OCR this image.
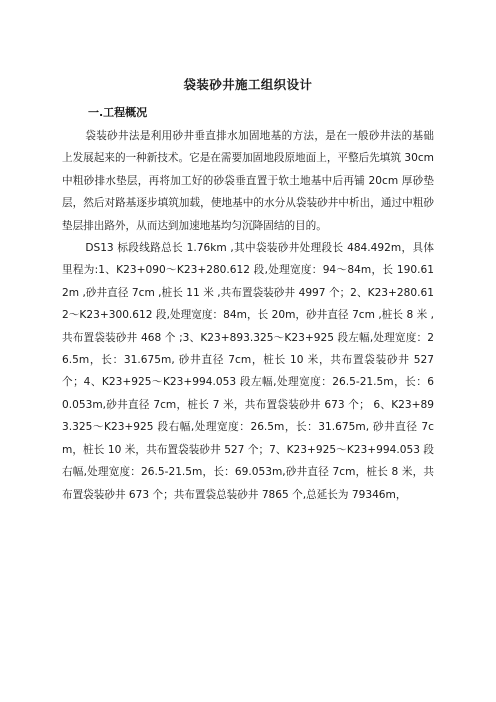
袋装砂井施工组织设计
一.工程概况

袋装砂井法是利用砂井垂直排水加固地基的方法，是在一般砂井法的基础上发展起来的一种新技术。它是在需要加固地段原地面上，平整后先填筑 30cm 中粗砂排水垫层，再将加工好的砂袋垂直置于软土地基中后再铺 20cm 厚砂垫层，然后对路基逐步填筑加载，使地基中的水分从袋装砂井中析出，通过中粗砂垫层排出路外，从而达到加速地基均匀沉降固结的目的。

DS13 标段线路总长 1.76km ,其中袋装砂井处理段长 484.492m，具体里程为:1、K23+090～K23+280.612 段,处理宽度：94～84m，长 190.612m ,砂井直径 7cm ,桩长 11 米 ,共布置袋装砂井 4997 个；2、K23+280.612～K23+300.612 段,处理宽度：84m，长 20m，砂井直径 7cm ,桩长 8 米 ,共布置袋装砂井 468 个 ;3、K23+893.325～K23+925 段左幅,处理宽度：26.5m，长：31.675m, 砂井直径 7cm，桩长 10 米，共布置袋装砂井 527 个；4、K23+925～K23+994.053 段左幅,处理宽度：26.5-21.5m，长：60.053m,砂井直径 7cm，桩长 7 米，共布置袋装砂井 673 个； 6、K23+893.325～K23+925 段右幅,处理宽度：26.5m，长：31.675m, 砂井直径 7cm，桩长 10 米，共布置袋装砂井 527 个；7、K23+925～K23+994.053 段右幅,处理宽度：26.5-21.5m，长：69.053m,砂井直径 7cm，桩长 8 米，共布置袋装砂井 673 个；共布置袋总装砂井 7865 个,总延长为 79346m，
